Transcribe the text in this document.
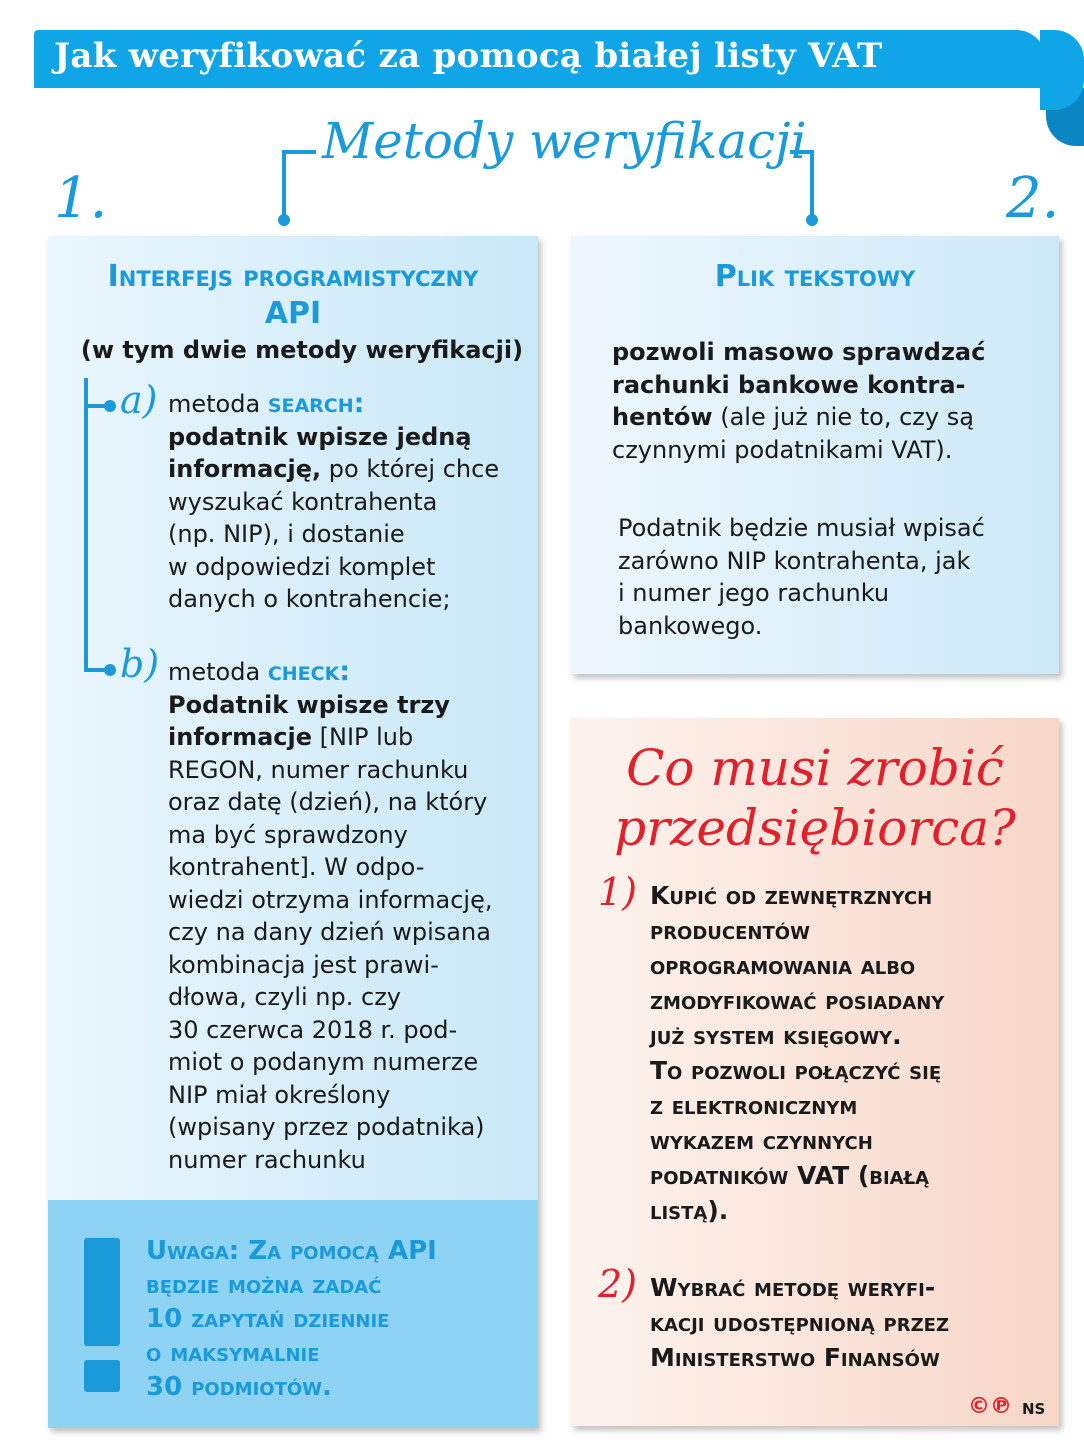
Jak weryfikować za pomocą białej listy VAT
Metody weryfikacji
1.	2.
Interfejs programistyczny
API
(w tym dwie metody weryfikacji)
a) metoda search:
podatnik wpisze jedną
informację, po której chce
wyszukać kontrahenta
(np. NIP), i dostanie
w odpowiedzi komplet
danych o kontrahencie;
b) metoda check:
Podatnik wpisze trzy
informacje [NIP lub
REGON, numer rachunku
oraz datę (dzień), na który
ma być sprawdzony
kontrahent]. W odpo-
wiedzi otrzyma informację,
czy na dany dzień wpisana
kombinacja jest prawi-
dłowa, czyli np. czy
30 czerwca 2018 r. pod-
miot o podanym numerze
NIP miał określony
(wpisany przez podatnika)
numer rachunku
Uwaga: Za pomocą API
będzie można zadać
10 zapytań dziennie
o maksymalnie
30 podmiotów.
Plik tekstowy
pozwoli masowo sprawdzać
rachunki bankowe kontra-
hentów (ale już nie to, czy są
czynnymi podatnikami VAT).
Podatnik będzie musiał wpisać
zarówno NIP kontrahenta, jak
i numer jego rachunku
bankowego.
Co musi zrobić
przedsiębiorca?
1) Kupić od zewnętrznych
producentów
oprogramowania albo
zmodyfikować posiadany
już system księgowy.
To pozwoli połączyć się
z elektronicznym
wykazem czynnych
podatników VAT (białą
listą).
2) Wybrać metodę weryfi-
kacji udostępnioną przez
Ministerstwo Finansów
©℗ NS
